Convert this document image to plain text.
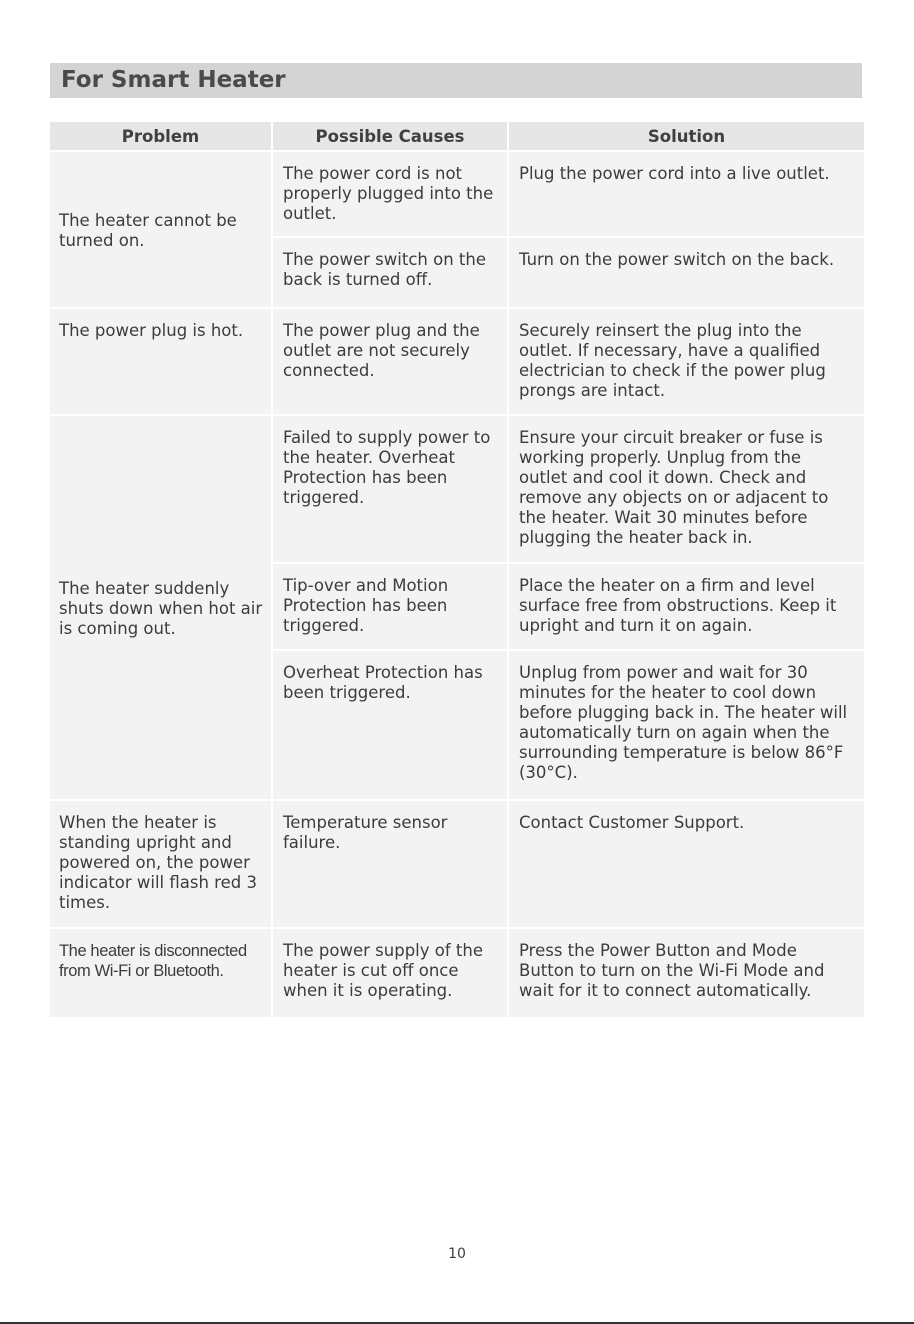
For Smart Heater
Problem	Possible Causes	Solution
The heater cannot be turned on.	The power cord is not properly plugged into the outlet.	Plug the power cord into a live outlet.
	The power switch on the back is turned off.	Turn on the power switch on the back.
The power plug is hot.	The power plug and the outlet are not securely connected.	Securely reinsert the plug into the outlet. If necessary, have a qualified electrician to check if the power plug prongs are intact.
The heater suddenly shuts down when hot air is coming out.	Failed to supply power to the heater. Overheat Protection has been triggered.	Ensure your circuit breaker or fuse is working properly. Unplug from the outlet and cool it down. Check and remove any objects on or adjacent to the heater. Wait 30 minutes before plugging the heater back in.
	Tip-over and Motion Protection has been triggered.	Place the heater on a firm and level surface free from obstructions. Keep it upright and turn it on again.
	Overheat Protection has been triggered.	Unplug from power and wait for 30 minutes for the heater to cool down before plugging back in. The heater will automatically turn on again when the surrounding temperature is below 86°F (30°C).
When the heater is standing upright and powered on, the power indicator will flash red 3 times.	Temperature sensor failure.	Contact Customer Support.
The heater is disconnected from Wi-Fi or Bluetooth.	The power supply of the heater is cut off once when it is operating.	Press the Power Button and Mode Button to turn on the Wi-Fi Mode and wait for it to connect automatically.
10
